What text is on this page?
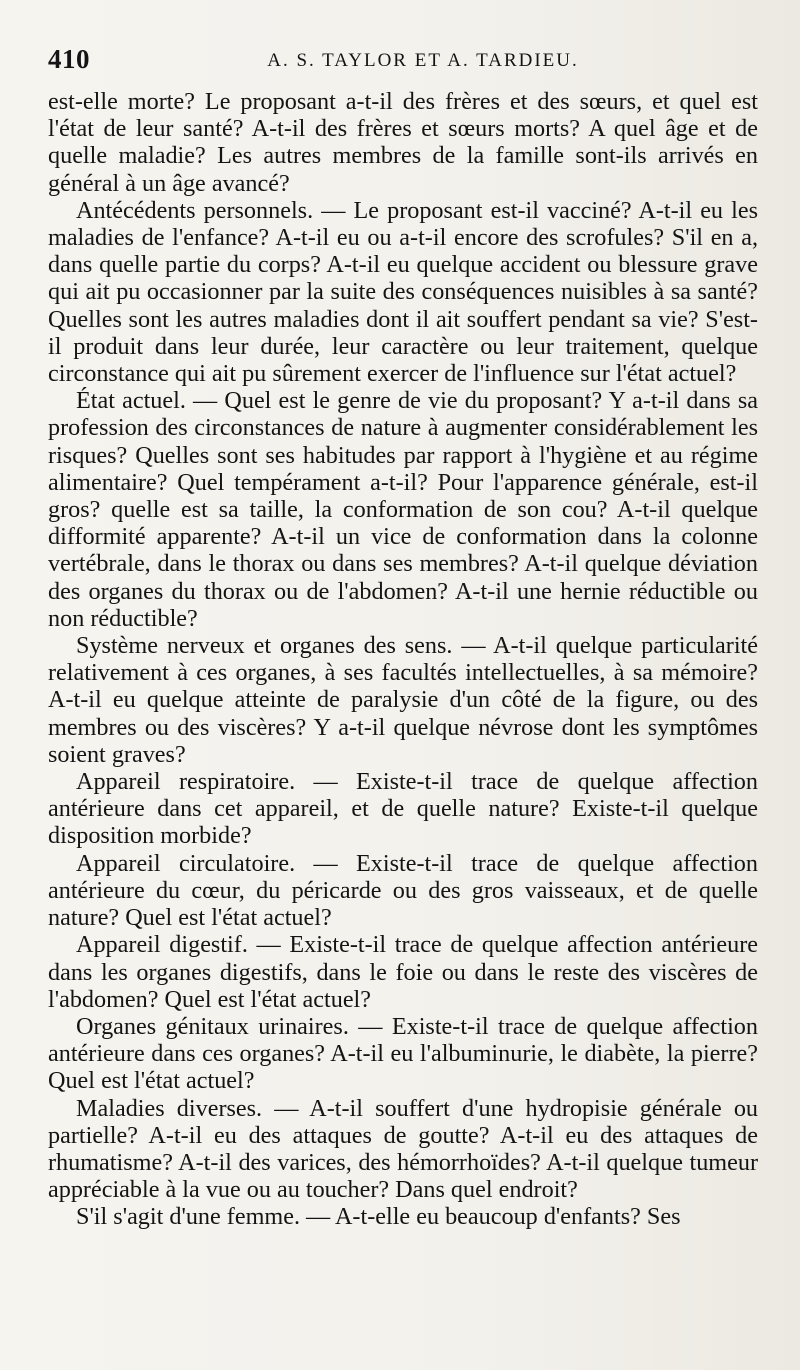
410	A. S. TAYLOR ET A. TARDIEU.

est-elle morte? Le proposant a-t-il des frères et des sœurs, et quel est l'état de leur santé? A-t-il des frères et sœurs morts? A quel âge et de quelle maladie? Les autres membres de la famille sont-ils arrivés en général à un âge avancé?

Antécédents personnels. — Le proposant est-il vacciné? A-t-il eu les maladies de l'enfance? A-t-il eu ou a-t-il encore des scrofules? S'il en a, dans quelle partie du corps? A-t-il eu quelque accident ou blessure grave qui ait pu occasionner par la suite des conséquences nuisibles à sa santé? Quelles sont les autres maladies dont il ait souffert pendant sa vie? S'est-il produit dans leur durée, leur caractère ou leur traitement, quelque circonstance qui ait pu sûrement exercer de l'influence sur l'état actuel?

État actuel. — Quel est le genre de vie du proposant? Y a-t-il dans sa profession des circonstances de nature à augmenter considérablement les risques? Quelles sont ses habitudes par rapport à l'hygiène et au régime alimentaire? Quel tempérament a-t-il? Pour l'apparence générale, est-il gros? quelle est sa taille, la conformation de son cou? A-t-il quelque difformité apparente? A-t-il un vice de conformation dans la colonne vertébrale, dans le thorax ou dans ses membres? A-t-il quelque déviation des organes du thorax ou de l'abdomen? A-t-il une hernie réductible ou non réductible?

Système nerveux et organes des sens. — A-t-il quelque particularité relativement à ces organes, à ses facultés intellectuelles, à sa mémoire? A-t-il eu quelque atteinte de paralysie d'un côté de la figure, ou des membres ou des viscères? Y a-t-il quelque névrose dont les symptômes soient graves?

Appareil respiratoire. — Existe-t-il trace de quelque affection antérieure dans cet appareil, et de quelle nature? Existe-t-il quelque disposition morbide?

Appareil circulatoire. — Existe-t-il trace de quelque affection antérieure du cœur, du péricarde ou des gros vaisseaux, et de quelle nature? Quel est l'état actuel?

Appareil digestif. — Existe-t-il trace de quelque affection antérieure dans les organes digestifs, dans le foie ou dans le reste des viscères de l'abdomen? Quel est l'état actuel?

Organes génitaux urinaires. — Existe-t-il trace de quelque affection antérieure dans ces organes? A-t-il eu l'albuminurie, le diabète, la pierre? Quel est l'état actuel?

Maladies diverses. — A-t-il souffert d'une hydropisie générale ou partielle? A-t-il eu des attaques de goutte? A-t-il eu des attaques de rhumatisme? A-t-il des varices, des hémorrhoïdes? A-t-il quelque tumeur appréciable à la vue ou au toucher? Dans quel endroit?

S'il s'agit d'une femme. — A-t-elle eu beaucoup d'enfants? Ses
